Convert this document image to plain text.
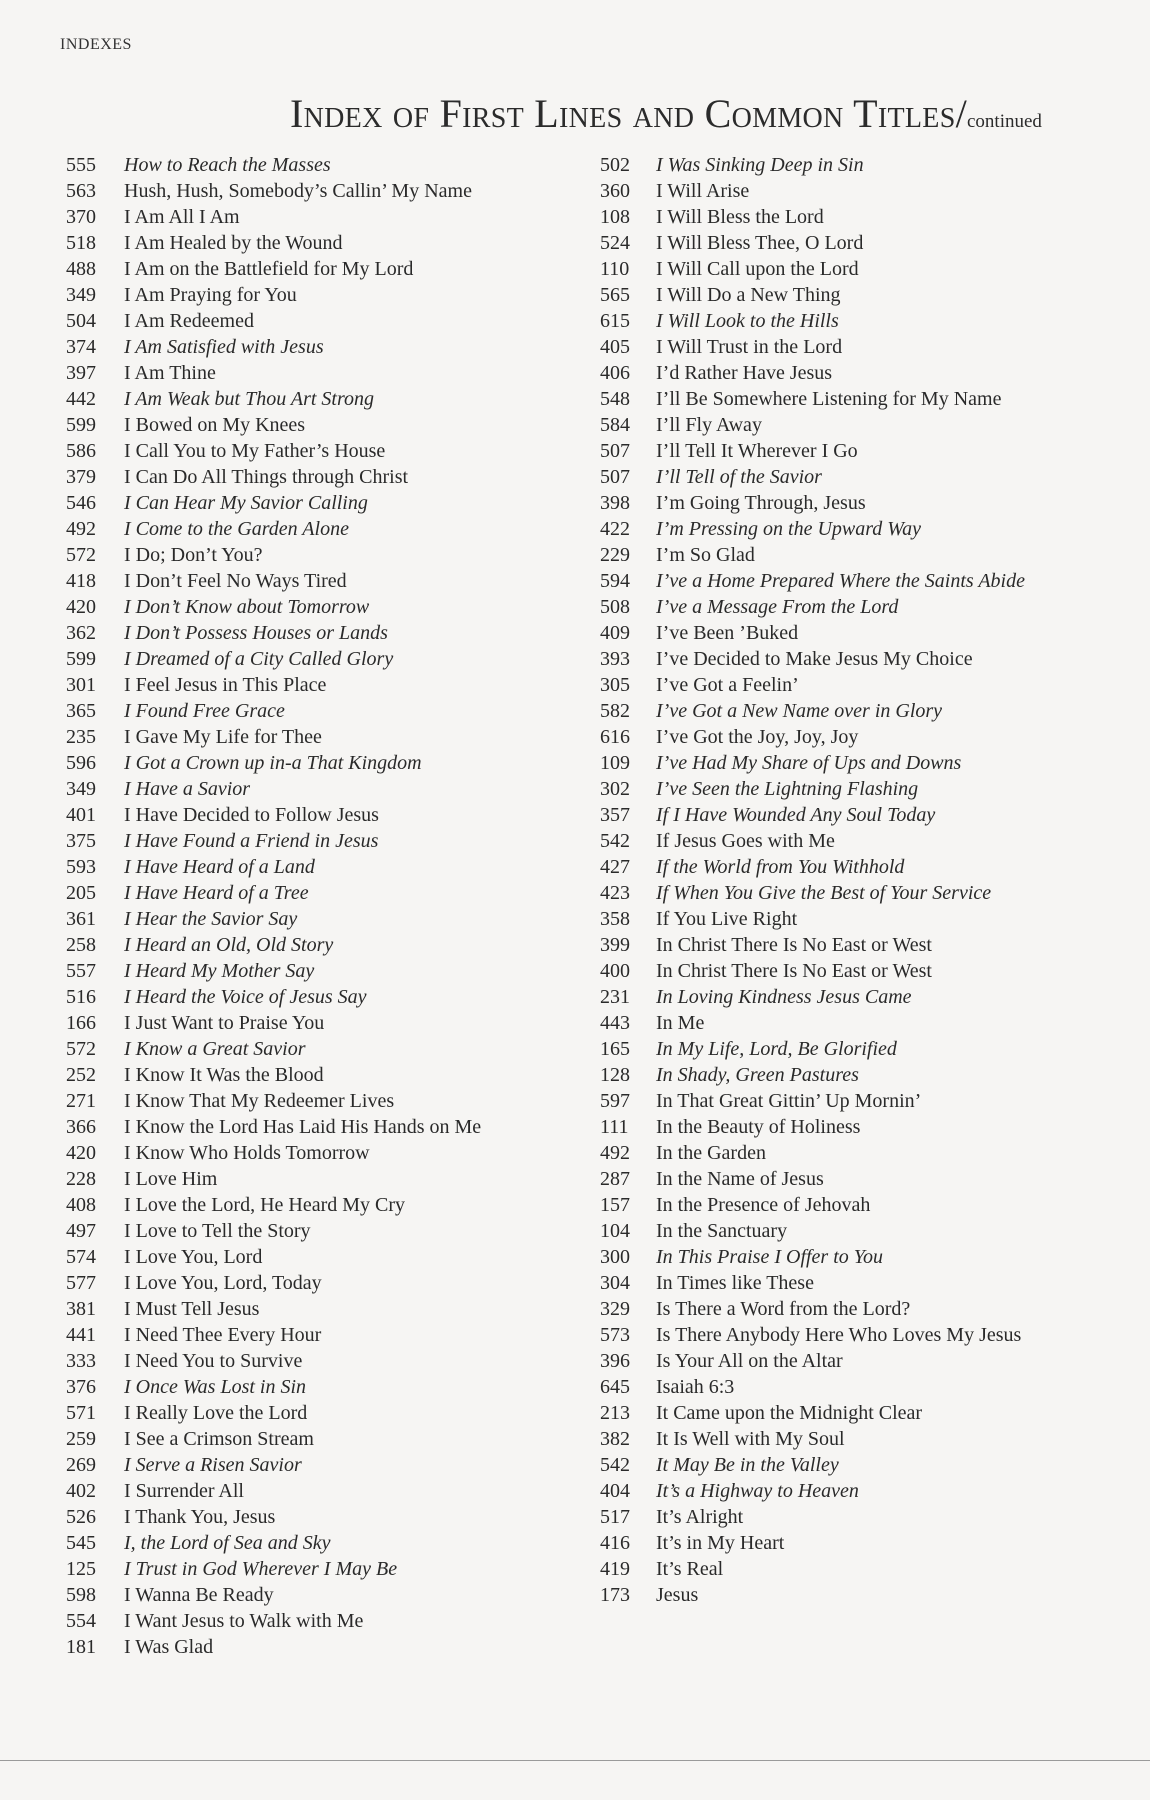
INDEXES
Index of First Lines and Common Titles/continued
555	How to Reach the Masses
563	Hush, Hush, Somebody’s Callin’ My Name
370	I Am All I Am
518	I Am Healed by the Wound
488	I Am on the Battlefield for My Lord
349	I Am Praying for You
504	I Am Redeemed
374	I Am Satisfied with Jesus
397	I Am Thine
442	I Am Weak but Thou Art Strong
599	I Bowed on My Knees
586	I Call You to My Father’s House
379	I Can Do All Things through Christ
546	I Can Hear My Savior Calling
492	I Come to the Garden Alone
572	I Do; Don’t You?
418	I Don’t Feel No Ways Tired
420	I Don’t Know about Tomorrow
362	I Don’t Possess Houses or Lands
599	I Dreamed of a City Called Glory
301	I Feel Jesus in This Place
365	I Found Free Grace
235	I Gave My Life for Thee
596	I Got a Crown up in-a That Kingdom
349	I Have a Savior
401	I Have Decided to Follow Jesus
375	I Have Found a Friend in Jesus
593	I Have Heard of a Land
205	I Have Heard of a Tree
361	I Hear the Savior Say
258	I Heard an Old, Old Story
557	I Heard My Mother Say
516	I Heard the Voice of Jesus Say
166	I Just Want to Praise You
572	I Know a Great Savior
252	I Know It Was the Blood
271	I Know That My Redeemer Lives
366	I Know the Lord Has Laid His Hands on Me
420	I Know Who Holds Tomorrow
228	I Love Him
408	I Love the Lord, He Heard My Cry
497	I Love to Tell the Story
574	I Love You, Lord
577	I Love You, Lord, Today
381	I Must Tell Jesus
441	I Need Thee Every Hour
333	I Need You to Survive
376	I Once Was Lost in Sin
571	I Really Love the Lord
259	I See a Crimson Stream
269	I Serve a Risen Savior
402	I Surrender All
526	I Thank You, Jesus
545	I, the Lord of Sea and Sky
125	I Trust in God Wherever I May Be
598	I Wanna Be Ready
554	I Want Jesus to Walk with Me
181	I Was Glad
502	I Was Sinking Deep in Sin
360	I Will Arise
108	I Will Bless the Lord
524	I Will Bless Thee, O Lord
110	I Will Call upon the Lord
565	I Will Do a New Thing
615	I Will Look to the Hills
405	I Will Trust in the Lord
406	I’d Rather Have Jesus
548	I’ll Be Somewhere Listening for My Name
584	I’ll Fly Away
507	I’ll Tell It Wherever I Go
507	I’ll Tell of the Savior
398	I’m Going Through, Jesus
422	I’m Pressing on the Upward Way
229	I’m So Glad
594	I’ve a Home Prepared Where the Saints Abide
508	I’ve a Message From the Lord
409	I’ve Been ’Buked
393	I’ve Decided to Make Jesus My Choice
305	I’ve Got a Feelin’
582	I’ve Got a New Name over in Glory
616	I’ve Got the Joy, Joy, Joy
109	I’ve Had My Share of Ups and Downs
302	I’ve Seen the Lightning Flashing
357	If I Have Wounded Any Soul Today
542	If Jesus Goes with Me
427	If the World from You Withhold
423	If When You Give the Best of Your Service
358	If You Live Right
399	In Christ There Is No East or West
400	In Christ There Is No East or West
231	In Loving Kindness Jesus Came
443	In Me
165	In My Life, Lord, Be Glorified
128	In Shady, Green Pastures
597	In That Great Gittin’ Up Mornin’
111	In the Beauty of Holiness
492	In the Garden
287	In the Name of Jesus
157	In the Presence of Jehovah
104	In the Sanctuary
300	In This Praise I Offer to You
304	In Times like These
329	Is There a Word from the Lord?
573	Is There Anybody Here Who Loves My Jesus
396	Is Your All on the Altar
645	Isaiah 6:3
213	It Came upon the Midnight Clear
382	It Is Well with My Soul
542	It May Be in the Valley
404	It’s a Highway to Heaven
517	It’s Alright
416	It’s in My Heart
419	It’s Real
173	Jesus
